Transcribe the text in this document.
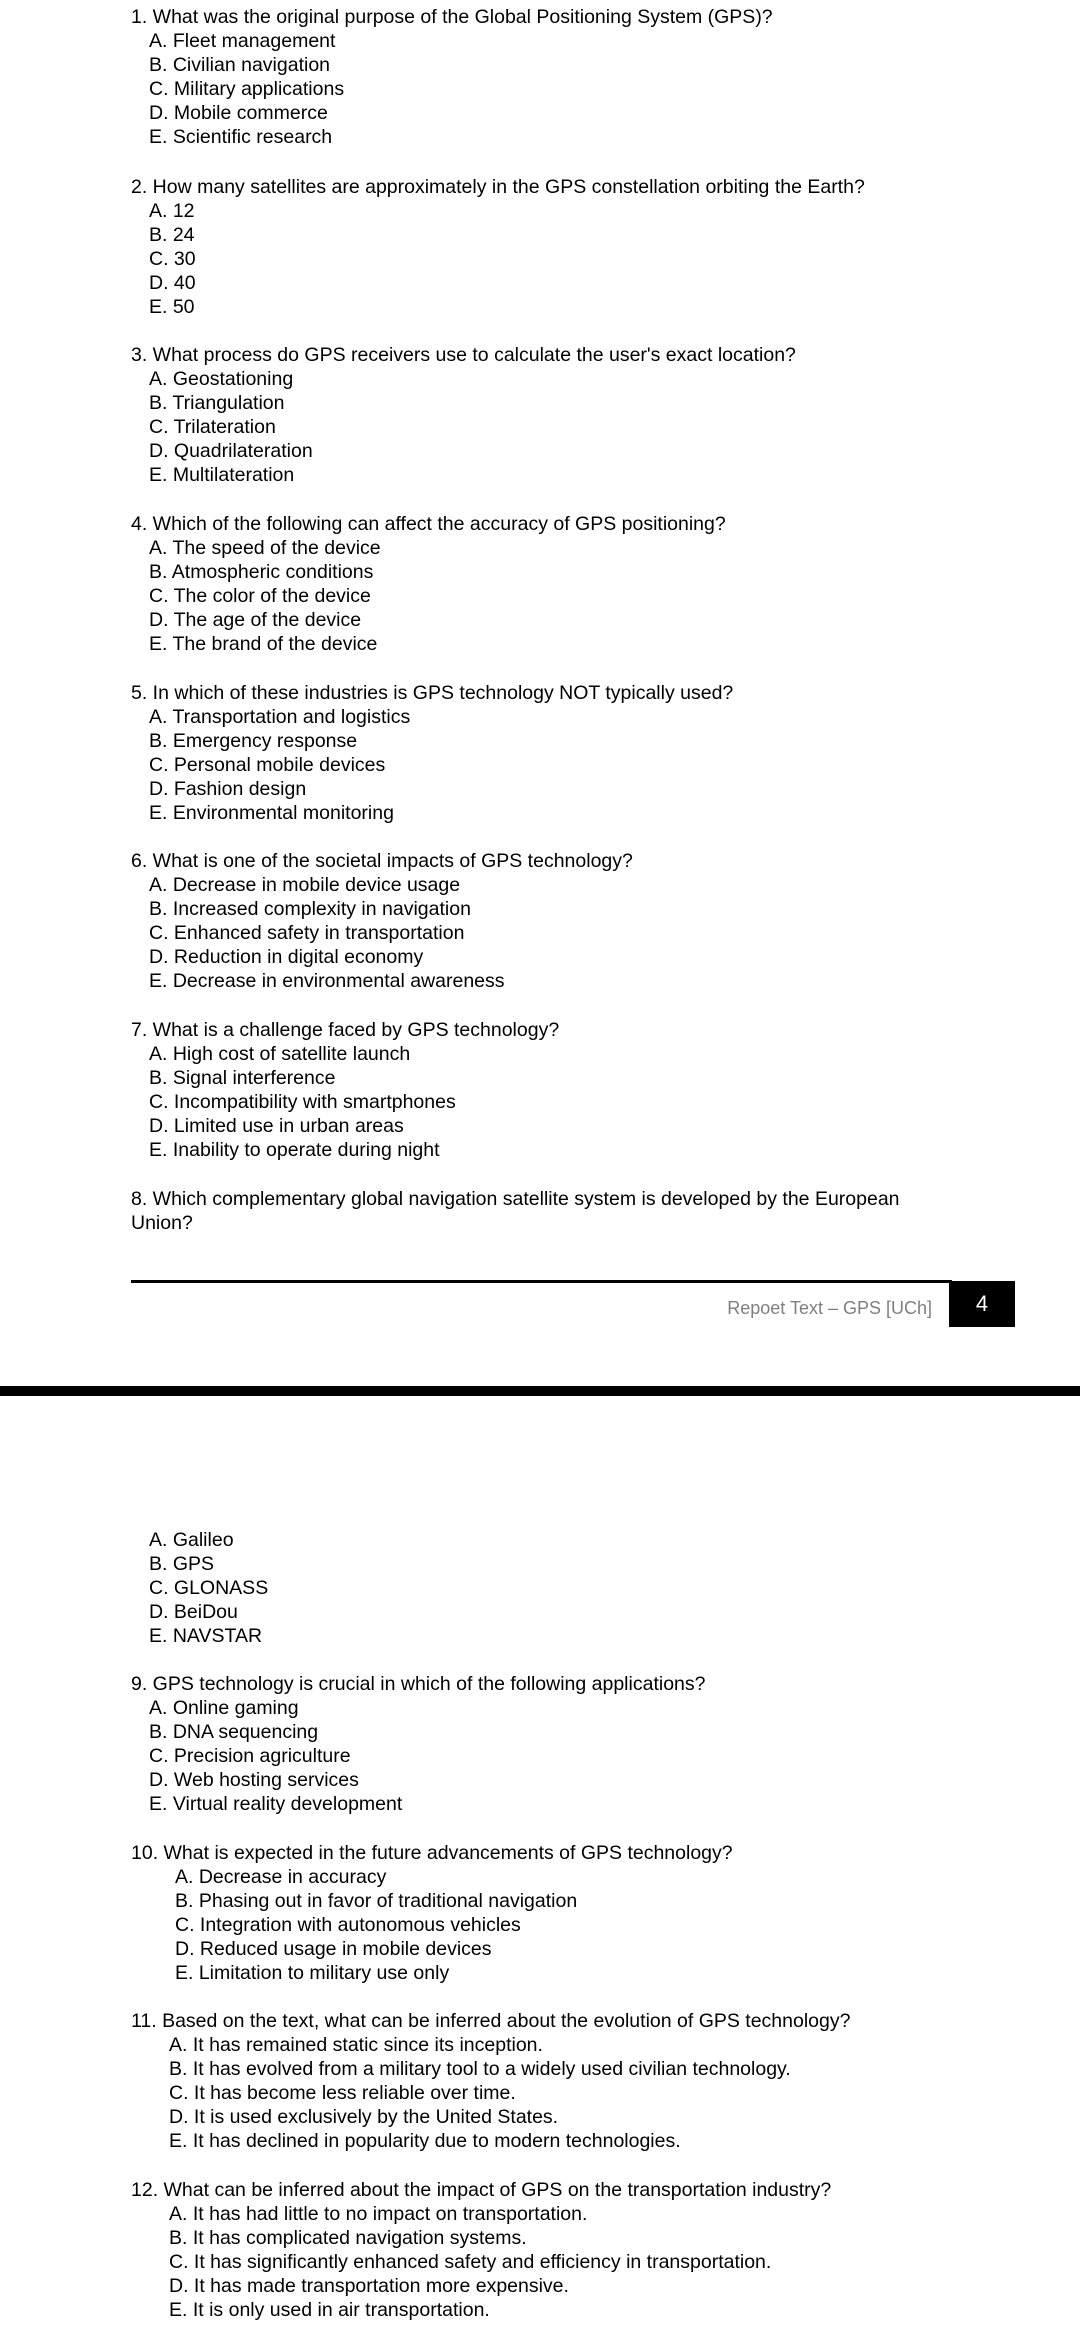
1. What was the original purpose of the Global Positioning System (GPS)?

A. Fleet management
B. Civilian navigation
C. Military applications
D. Mobile commerce
E. Scientific research

2. How many satellites are approximately in the GPS constellation orbiting the Earth?

A. 12
B. 24
C. 30
D. 40
E. 50

3. What process do GPS receivers use to calculate the user's exact location?

A. Geostationing
B. Triangulation
C. Trilateration
D. Quadrilateration
E. Multilateration

4. Which of the following can affect the accuracy of GPS positioning?

A. The speed of the device
B. Atmospheric conditions
C. The color of the device
D. The age of the device
E. The brand of the device

5. In which of these industries is GPS technology NOT typically used?

A. Transportation and logistics
B. Emergency response
C. Personal mobile devices
D. Fashion design
E. Environmental monitoring

6. What is one of the societal impacts of GPS technology?

A. Decrease in mobile device usage
B. Increased complexity in navigation
C. Enhanced safety in transportation
D. Reduction in digital economy
E. Decrease in environmental awareness

7. What is a challenge faced by GPS technology?

A. High cost of satellite launch
B. Signal interference
C. Incompatibility with smartphones
D. Limited use in urban areas
E. Inability to operate during night

8. Which complementary global navigation satellite system is developed by the European Union?

Repoet Text – GPS [UCh]	4
A. Galileo
B. GPS
C. GLONASS
D. BeiDou
E. NAVSTAR

9. GPS technology is crucial in which of the following applications?

A. Online gaming
B. DNA sequencing
C. Precision agriculture
D. Web hosting services
E. Virtual reality development

10. What is expected in the future advancements of GPS technology?

A. Decrease in accuracy
B. Phasing out in favor of traditional navigation
C. Integration with autonomous vehicles
D. Reduced usage in mobile devices
E. Limitation to military use only

11. Based on the text, what can be inferred about the evolution of GPS technology?

A. It has remained static since its inception.
B. It has evolved from a military tool to a widely used civilian technology.
C. It has become less reliable over time.
D. It is used exclusively by the United States.
E. It has declined in popularity due to modern technologies.

12. What can be inferred about the impact of GPS on the transportation industry?

A. It has had little to no impact on transportation.
B. It has complicated navigation systems.
C. It has significantly enhanced safety and efficiency in transportation.
D. It has made transportation more expensive.
E. It is only used in air transportation.
